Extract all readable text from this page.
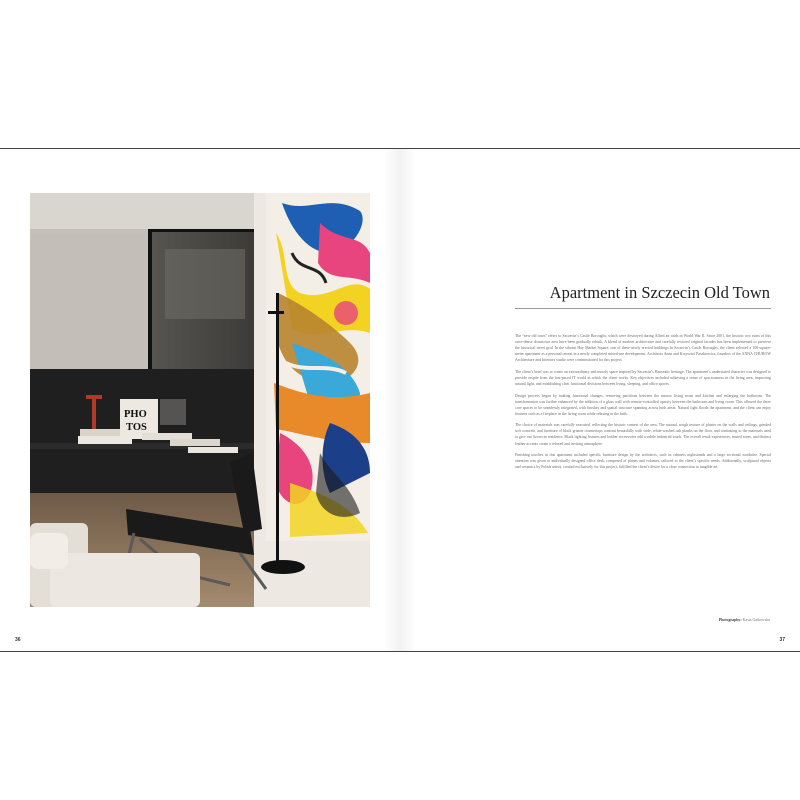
PHO
TOS
Apartment in Szczecin Old Town

The “new old town” refers to Szczecin’s Castle Boroughs, which were destroyed during Allied air raids in World War II. Since 2001, the historic row ruins of this once-dense downtown area have been gradually rebuilt. A blend of modern architecture and carefully restored original facades has been implemented to preserve the historical street grid. In the vibrant Hay Market Square, one of these newly erected buildings in Szczecin’s Castle Boroughs, the client selected a 100-square-meter apartment as a personal retreat in a newly completed mixed-use development. Architects Anna and Krzysztof Paszkiewicz, founders of the ANNA CHUROW Architecture and Interiors studio were commissioned for this project.

The client’s brief was to create an extraordinary and moody space inspired by Szczecin’s Hanseatic heritage. The apartment’s understated character was designed to provide respite from the fast-paced IT world in which the client works. Key objectives included achieving a sense of spaciousness in the living area, improving natural light, and establishing clear functional divisions between living, sleeping, and office spaces.

Design process began by making functional changes, removing partitions between the narrow living room and kitchen and enlarging the bathroom. The transformation was further enhanced by the addition of a glass wall with remote-controlled opacity between the bathroom and living room. This allowed the three core spaces to be seamlessly integrated, with finishes and spatial structure spanning across both areas. Natural light floods the apartment, and the client can enjoy features such as a fireplace in the living room while relaxing in the bath.

The choice of materials was carefully executed, reflecting the historic context of the area. The natural, rough texture of plaster on the walls and ceilings, grinded soft concrete, and furniture of black granite countertops contrast beautifully with wide, white-washed oak planks on the floor, and continuing to the materials used to give our Szczecin residence. Black lighting fixtures and leather accessories add a subtle industrial touch. The overall result experiences, muted tones, and distinct leather accents create a relaxed and inviting atmosphere.

Finishing touches in this apartment included specific furniture design by the architects, such as cabinets nightstands and a large sectional wardrobe. Special attention was given to individually designed office desk, composed of planes and volumes, tailored to the client’s specific needs. Additionally, sculptural objects and ceramics by Polish artists, created exclusively for this project, fulfilled the client’s desire for a close connection to tangible art.

Photography: Kasia Gatkowska
36	37
